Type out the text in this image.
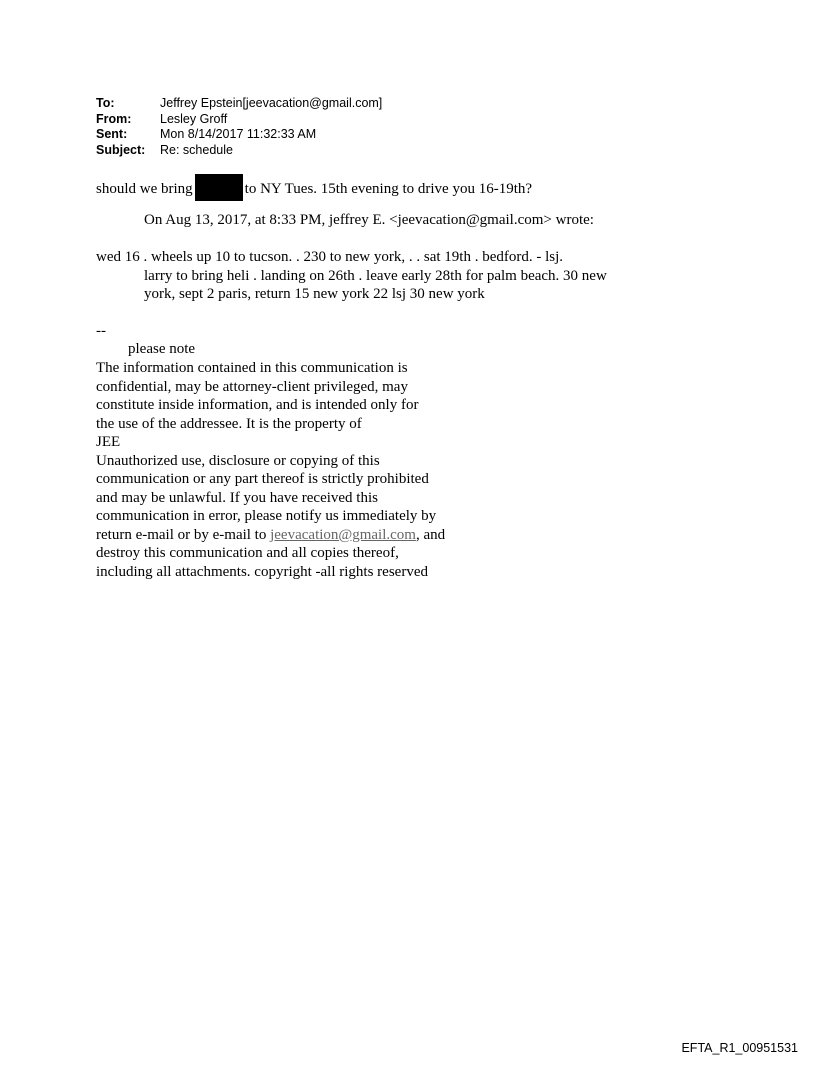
To:	Jeffrey Epstein[jeevacation@gmail.com]
From:	Lesley Groff
Sent:	Mon 8/14/2017 11:32:33 AM
Subject:	Re: schedule
should we bring	to NY Tues. 15th evening to drive you 16-19th?
On Aug 13, 2017, at 8:33 PM, jeffrey E. <jeevacation@gmail.com> wrote:
wed 16 . wheels up 10 to tucson. . 230 to new york, . . sat 19th . bedford. - lsj.
larry to bring heli . landing on 26th . leave early 28th for palm beach. 30 new
york, sept 2 paris, return 15 new york 22 lsj 30 new york
--
please note
The information contained in this communication is
confidential, may be attorney-client privileged, may
constitute inside information, and is intended only for
the use of the addressee. It is the property of
JEE
Unauthorized use, disclosure or copying of this
communication or any part thereof is strictly prohibited
and may be unlawful. If you have received this
communication in error, please notify us immediately by
return e-mail or by e-mail to jeevacation@gmail.com, and
destroy this communication and all copies thereof,
including all attachments. copyright -all rights reserved
EFTA_R1_00951531
